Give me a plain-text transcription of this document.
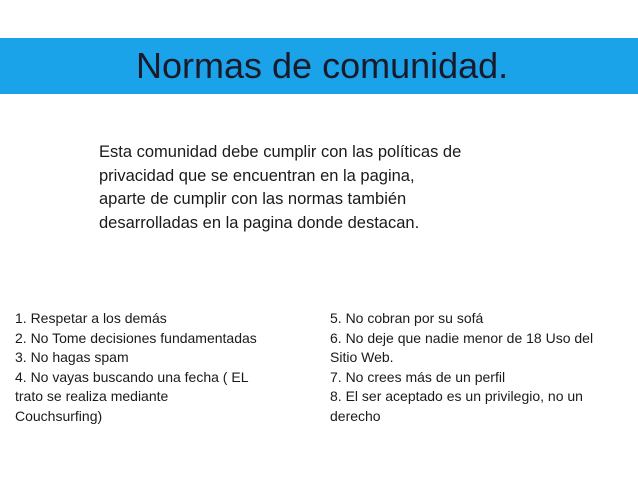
Normas de comunidad.
Esta comunidad debe cumplir con las políticas de
privacidad que se encuentran en la pagina,
aparte de cumplir con las normas también
desarrolladas en la pagina donde destacan.
1. Respetar a los demás
2. No Tome decisiones fundamentadas
3. No hagas spam
4. No vayas buscando una fecha ( EL
trato se realiza mediante
Couchsurfing)
5. No cobran por su sofá
6. No deje que nadie menor de 18 Uso del
Sitio Web.
7. No crees más de un perfil
8. El ser aceptado es un privilegio, no un
derecho
